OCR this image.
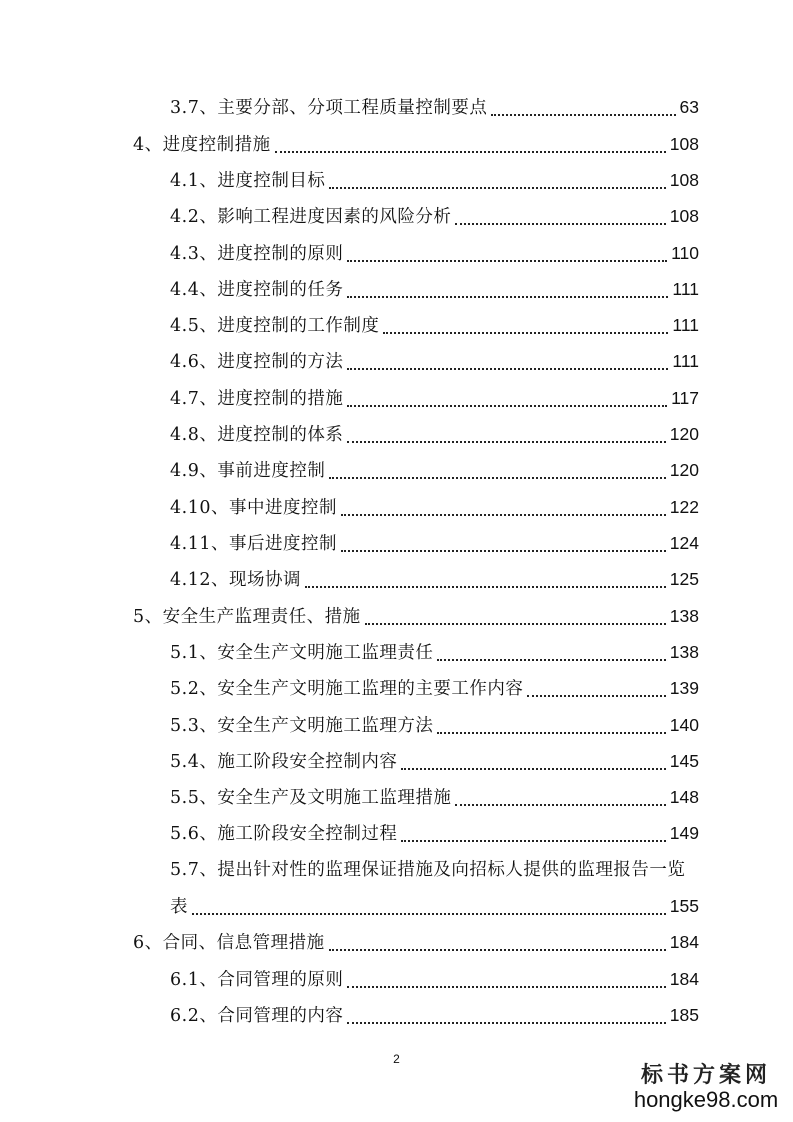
3.7、主要分部、分项工程质量控制要点	63
4、进度控制措施	108
4.1、进度控制目标	108
4.2、影响工程进度因素的风险分析	108
4.3、进度控制的原则	110
4.4、进度控制的任务	111
4.5、进度控制的工作制度	111
4.6、进度控制的方法	111
4.7、进度控制的措施	117
4.8、进度控制的体系	120
4.9、事前进度控制	120
4.10、事中进度控制	122
4.11、事后进度控制	124
4.12、现场协调	125
5、安全生产监理责任、措施	138
5.1、安全生产文明施工监理责任	138
5.2、安全生产文明施工监理的主要工作内容	139
5.3、安全生产文明施工监理方法	140
5.4、施工阶段安全控制内容	145
5.5、安全生产及文明施工监理措施	148
5.6、施工阶段安全控制过程	149
5.7、提出针对性的监理保证措施及向招标人提供的监理报告一览
表	155
6、合同、信息管理措施	184
6.1、合同管理的原则	184
6.2、合同管理的内容	185
2
标书方案网
hongke98.com
